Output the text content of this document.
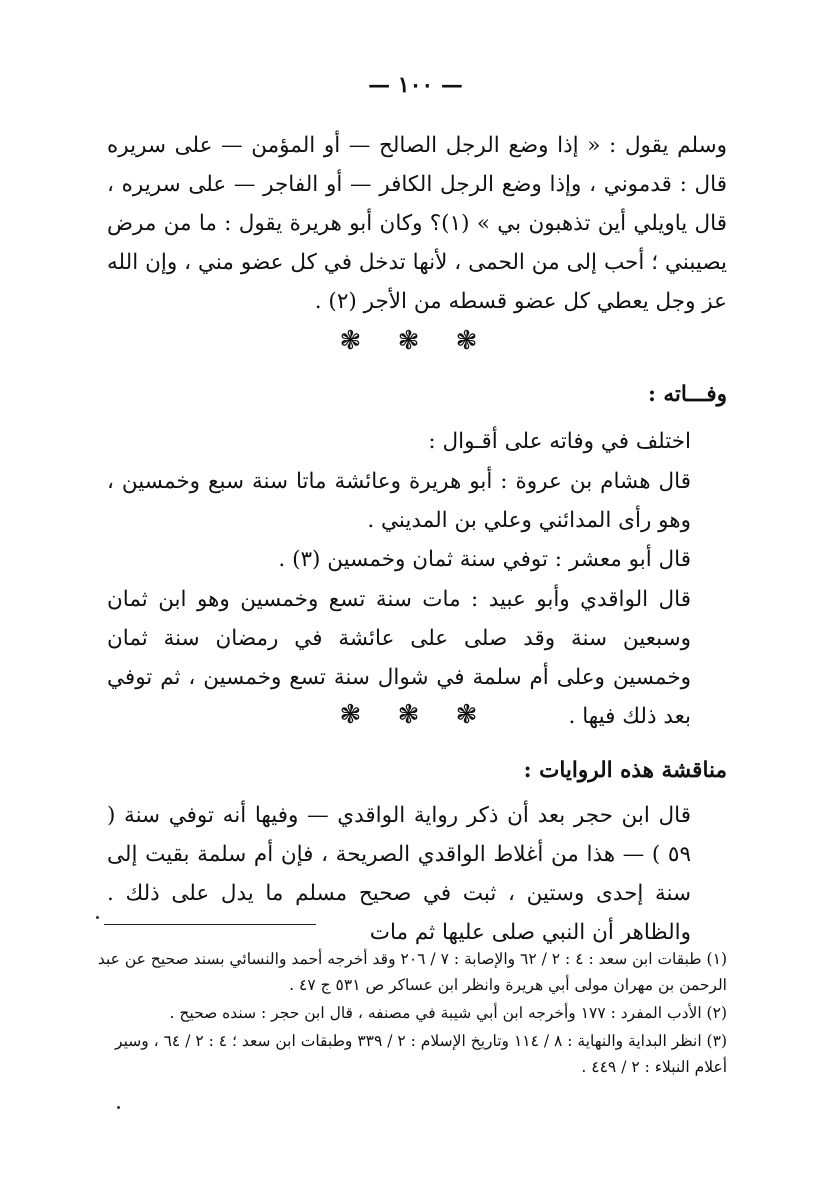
— ١٠٠ —
وسلم يقول : « إذا وضع الرجل الصالح — أو المؤمن — على سريره قال : قدموني ، وإذا وضع الرجل الكافر — أو الفاجر — على سريره ، قال ياويلي أين تذهبون بي » (١)؟ وكان أبو هريرة يقول : ما من مرض يصيبني ؛ أحب إلى من الحمى ، لأنها تدخل في كل عضو مني ، وإن الله عز وجل يعطي كل عضو قسطه من الأجر (٢) .
❃ ❃ ❃
وفـــاته :
اختلف في وفاته على أقـوال :
قال هشام بن عروة : أبو هريرة وعائشة ماتا سنة سبع وخمسين ، وهو رأى المدائني وعلي بن المديني .
قال أبو معشر : توفي سنة ثمان وخمسين (٣) .
قال الواقدي وأبو عبيد : مات سنة تسع وخمسين وهو ابن ثمان وسبعين سنة وقد صلى على عائشة في رمضان سنة ثمان وخمسين وعلى أم سلمة في شوال سنة تسع وخمسين ، ثم توفي بعد ذلك فيها .
❃ ❃ ❃
مناقشة هذه الروايات :
قال ابن حجر بعد أن ذكر رواية الواقدي — وفيها أنه توفي سنة ( ٥٩ ) — هذا من أغلاط الواقدي الصريحة ، فإن أم سلمة بقيت إلى سنة إحدى وستين ، ثبت في صحيح مسلم ما يدل على ذلك . والظاهر أن النبي صلى عليها ثم مات

(١) طبقات ابن سعد : ٤ : ٢ / ٦٢ والإصابة : ٧ / ٢٠٦ وقد أخرجه أحمد والنسائي بسند صحيح عن عبد الرحمن بن مهران مولى أبي هريرة وانظر ابن عساكر ص ٥٣١ ج ٤٧ .

(٢) الأدب المفرد : ١٧٧ وأخرجه ابن أبي شيبة في مصنفه ، قال ابن حجر : سنده صحيح .

(٣) انظر البداية والنهاية : ٨ / ١١٤ وتاريخ الإسلام : ٢ / ٣٣٩ وطبقات ابن سعد ؛ ٤ : ٢ / ٦٤ ، وسير أعلام النبلاء : ٢ / ٤٤٩ .
